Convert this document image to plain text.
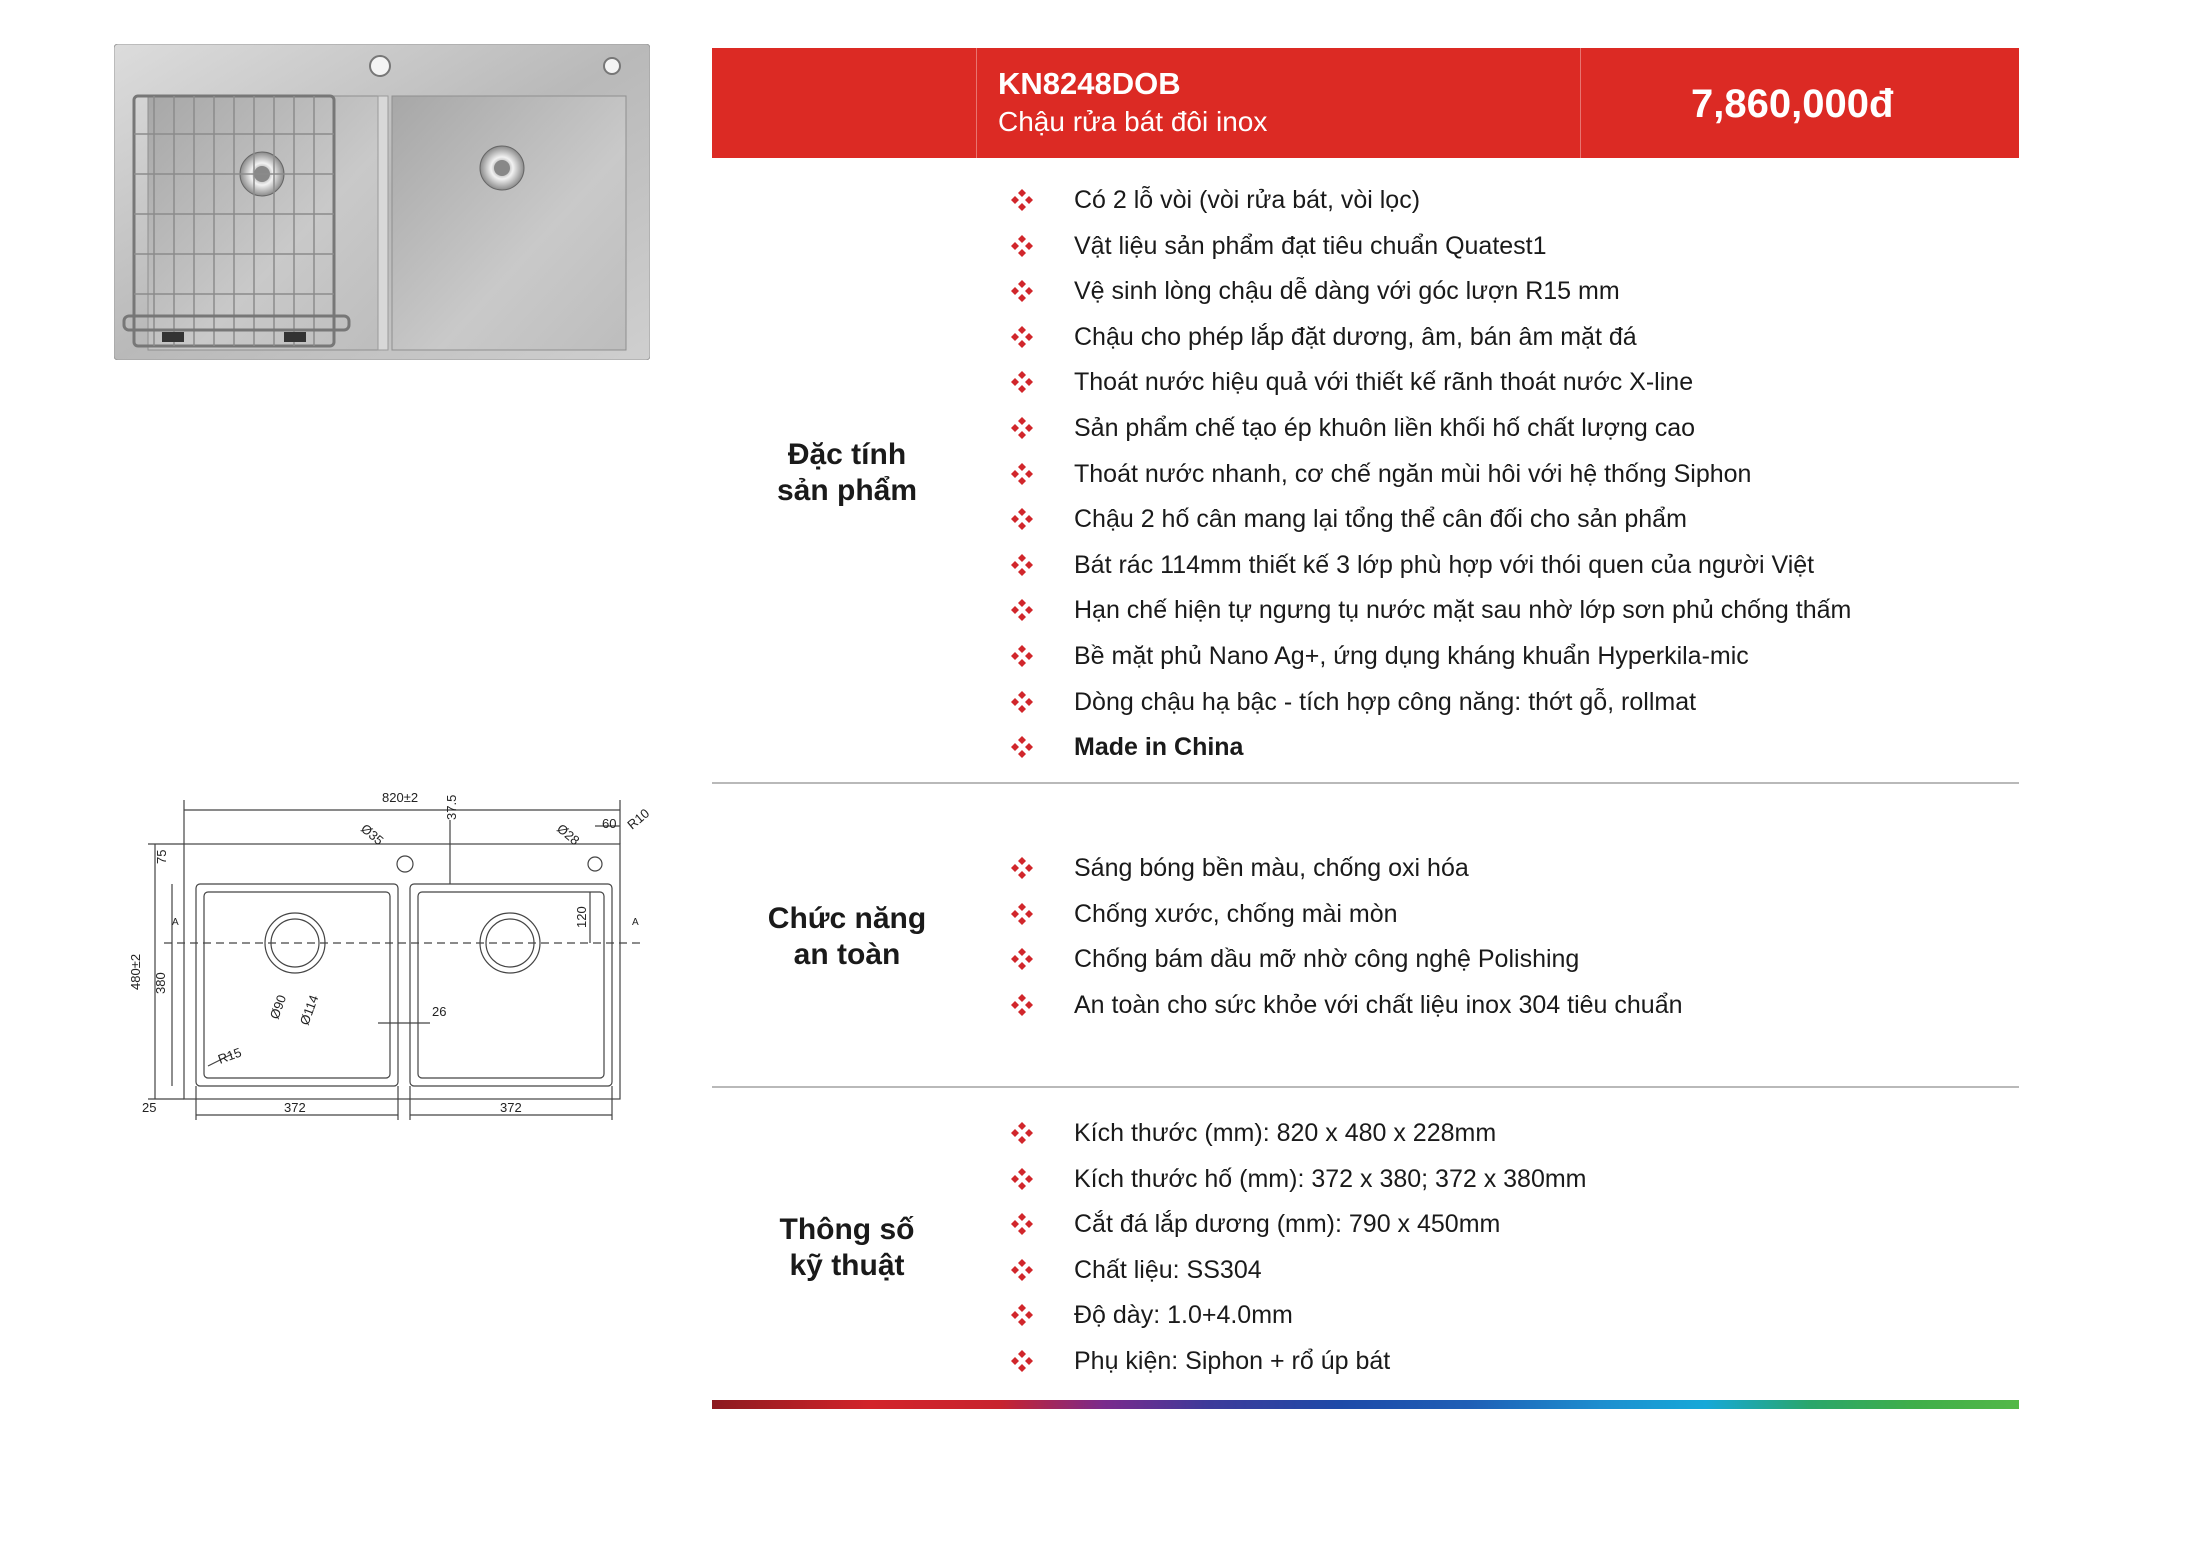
820±2 37.5
Ø35	Ø28 60 R10
75
480±2 380
120
Ø90 Ø114	26
R15
25	372	372
A	A
KN8248DOB
Chậu rửa bát đôi inox	7,860,000đ
Đặc tính
sản phẩm
Có 2 lỗ vòi (vòi rửa bát, vòi lọc)
Vật liệu sản phẩm đạt tiêu chuẩn Quatest1
Vệ sinh lòng chậu dễ dàng với góc lượn R15 mm
Chậu cho phép lắp đặt dương, âm, bán âm mặt đá
Thoát nước hiệu quả với thiết kế rãnh thoát nước X-line
Sản phẩm chế tạo ép khuôn liền khối hố chất lượng cao
Thoát nước nhanh, cơ chế ngăn mùi hôi với hệ thống Siphon
Chậu 2 hố cân mang lại tổng thể cân đối cho sản phẩm
Bát rác 114mm thiết kế 3 lớp phù hợp với thói quen của người Việt
Hạn chế hiện tự ngưng tụ nước mặt sau nhờ lớp sơn phủ chống thấm
Bề mặt phủ Nano Ag+, ứng dụng kháng khuẩn Hyperkila-mic
Dòng chậu hạ bậc - tích hợp công năng: thớt gỗ, rollmat
Made in China
Chức năng
an toàn
Sáng bóng bền màu, chống oxi hóa
Chống xước, chống mài mòn
Chống bám dầu mỡ nhờ công nghệ Polishing
An toàn cho sức khỏe với chất liệu inox 304 tiêu chuẩn
Thông số
kỹ thuật
Kích thước (mm): 820 x 480 x 228mm
Kích thước hố (mm): 372 x 380; 372 x 380mm
Cắt đá lắp dương (mm): 790 x 450mm
Chất liệu: SS304
Độ dày: 1.0+4.0mm
Phụ kiện: Siphon + rổ úp bát
